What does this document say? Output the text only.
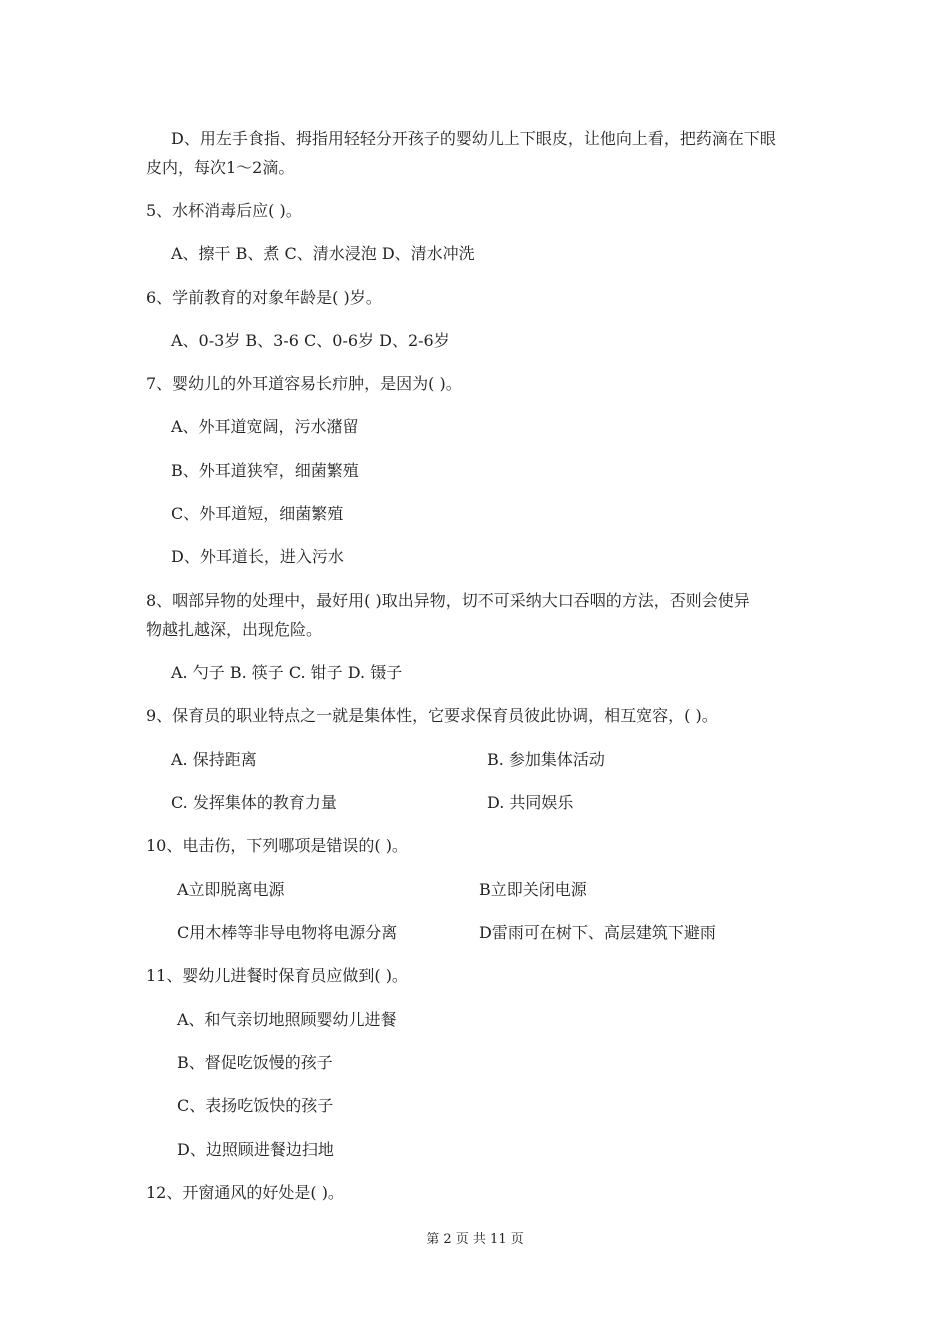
D、用左手食指、拇指用轻轻分开孩子的婴幼儿上下眼皮，让他向上看，把药滴在下眼
皮内，每次1～2滴。
5、水杯消毒后应( )。
A、擦干 B、煮 C、清水浸泡 D、清水冲洗
6、学前教育的对象年龄是( )岁。
A、0-3岁 B、3-6 C、0-6岁 D、2-6岁
7、婴幼儿的外耳道容易长疖肿，是因为( )。
A、外耳道宽阔，污水潴留
B、外耳道狭窄，细菌繁殖
C、外耳道短，细菌繁殖
D、外耳道长，进入污水
8、咽部异物的处理中，最好用( )取出异物，切不可采纳大口吞咽的方法，否则会使异
物越扎越深，出现危险。
A. 勺子 B. 筷子 C. 钳子 D. 镊子
9、保育员的职业特点之一就是集体性，它要求保育员彼此协调，相互宽容，( )。
A. 保持距离	B. 参加集体活动
C. 发挥集体的教育力量	D. 共同娱乐
10、电击伤，下列哪项是错误的( )。
A立即脱离电源	B立即关闭电源
C用木棒等非导电物将电源分离	D雷雨可在树下、高层建筑下避雨
11、婴幼儿进餐时保育员应做到( )。
A、和气亲切地照顾婴幼儿进餐
B、督促吃饭慢的孩子
C、表扬吃饭快的孩子
D、边照顾进餐边扫地
12、开窗通风的好处是( )。
第 2 页 共 11 页
